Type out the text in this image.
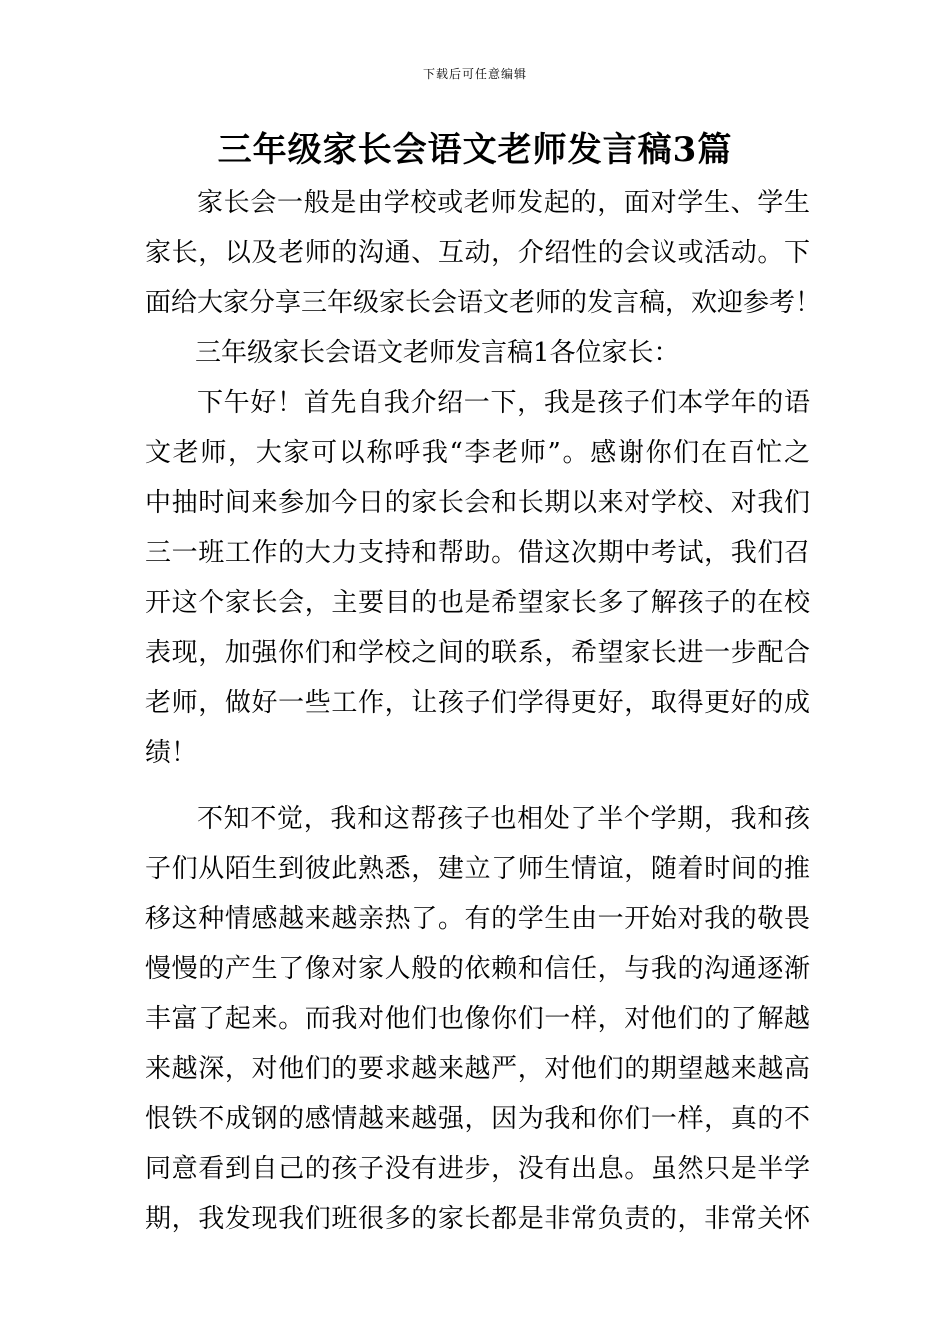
下载后可任意编辑
三年级家长会语文老师发言稿3篇
家长会一般是由学校或老师发起的，面对学生、学生
家长，以及老师的沟通、互动，介绍性的会议或活动。下
面给大家分享三年级家长会语文老师的发言稿，欢迎参考！
三年级家长会语文老师发言稿1各位家长：
下午好！首先自我介绍一下，我是孩子们本学年的语
文老师，大家可以称呼我“李老师”。感谢你们在百忙之
中抽时间来参加今日的家长会和长期以来对学校、对我们
三一班工作的大力支持和帮助。借这次期中考试，我们召
开这个家长会，主要目的也是希望家长多了解孩子的在校
表现，加强你们和学校之间的联系，希望家长进一步配合
老师，做好一些工作，让孩子们学得更好，取得更好的成
绩！
不知不觉，我和这帮孩子也相处了半个学期，我和孩
子们从陌生到彼此熟悉，建立了师生情谊，随着时间的推
移这种情感越来越亲热了。有的学生由一开始对我的敬畏
慢慢的产生了像对家人般的依赖和信任，与我的沟通逐渐
丰富了起来。而我对他们也像你们一样，对他们的了解越
来越深，对他们的要求越来越严，对他们的期望越来越高
恨铁不成钢的感情越来越强，因为我和你们一样，真的不
同意看到自己的孩子没有进步，没有出息。虽然只是半学
期，我发现我们班很多的家长都是非常负责的，非常关怀
